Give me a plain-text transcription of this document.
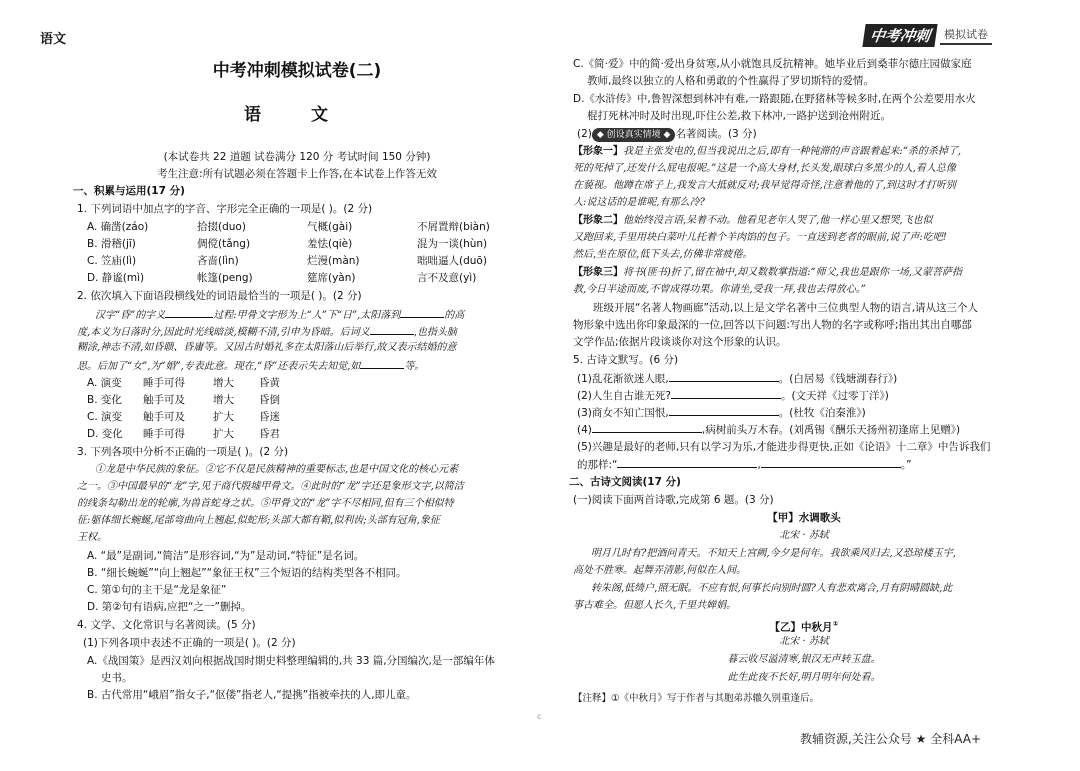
语文	中考冲刺	模拟试卷
中考冲刺模拟试卷(二)
语 文
(本试卷共 22 道题 试卷满分 120 分 考试时间 150 分钟)
考生注意:所有试题必须在答题卡上作答,在本试卷上作答无效
一、积累与运用(17 分)
1. 下列词语中加点字的字音、字形完全正确的一项是( )。(2 分)
A. 确凿(záo)	拾掇(duo)	气概(gài)	不屑置辩(biàn)
B. 滑稽(jī)	倜傥(tǎng)	羞怯(qiè)	混为一谈(hùn)
C. 笠庙(lì)	吝啬(lìn)	烂漫(màn)	咄咄逼人(duō)
D. 静谧(mì)	帐篷(peng)	筵席(yàn)	言不及意(yì)
2. 依次填入下面语段横线处的词语最恰当的一项是( )。(2 分)
汉字“昏”的字义	过程:甲骨文字形为上“人”下“日”,太阳落到	的高
度,本义为日落时分,因此时光线暗淡,模糊不清,引申为昏暗。后词义	,也指头脑
糊涂,神志不清,如昏聩、昏庸等。又因古时婚礼多在太阳落山后举行,故又表示结婚的意
思。后加了“女”,为“婚”,专表此意。现在,“昏”还表示失去知觉,如	等。
A. 演变 睡手可得	增大 昏黄
B. 变化 触手可及	增大 昏倒
C. 演变 触手可及	扩大 昏迷
D. 变化 睡手可得	扩大 昏君
3. 下列各项中分析不正确的一项是( )。(2 分)
①龙是中华民族的象征。②它不仅是民族精神的重要标志,也是中国文化的核心元素
之一。③中国最早的“龙”字,见于商代殷墟甲骨文。④此时的“龙”字还是象形文字,以简洁
的线条勾勒出龙的轮廓,为兽首蛇身之状。⑤甲骨文的“龙”字不尽相同,但有三个相似特
征:躯体细长蜿蜒,尾部弯曲向上翘起,似蛇形;头部大都有鞘,似利齿;头部有冠角,象征
王权。
A. “最”是副词,“简洁”是形容词,“为”是动词,“特征”是名词。
B. “细长蜿蜒”“向上翘起”“象征王权”三个短语的结构类型各不相同。
C. 第①句的主干是“龙是象征”
D. 第②句有语病,应把“之一”删掉。
4. 文学、文化常识与名著阅读。(5 分)
(1)下列各项中表述不正确的一项是( )。(2 分)
A.《战国策》是西汉刘向根据战国时期史料整理编辑的,共 33 篇,分国编次,是一部编年体
史书。
B. 古代常用“峨眉”指女子,“伛偻”指老人,“提携”指被牵扶的人,即儿童。
C.《简·爱》中的简·爱出身贫寒,从小就饱具反抗精神。她毕业后到桑菲尔德庄园做家庭
教师,最终以独立的人格和勇敢的个性赢得了罗切斯特的爱情。
D.《水浒传》中,鲁智深想到林冲有难,一路跟随,在野猪林等候多时,在两个公差要用水火
棍打死林冲时及时出现,吓住公差,救下林冲,一路护送到沧州附近。
(2) ◆ 创设真实情境 ◆ 名著阅读。(3 分)
【形象一】我是主张发电的,但当我说出之后,即有一种钝滞的声音跟着起来:“杀的杀掉了,
死的死掉了,还发什么屁电报呢。”这是一个高大身材,长头发,眼球白多黑少的人,看人总像
在藐视。他蹲在席子上,我发言大抵就反对;我早觉得奇怪,注意着他的了,到这时才打听别
人:说这话的是谁呢,有那么冷?
【形象二】他始终没言语,呆着不动。他看见老年人哭了,他一样心里又想哭,飞也似
又跑回来,手里用块白菜叶儿托着个羊肉馅的包子。一直送到老者的眼前,说了声:吃吧!
然后,坐在原位,低下头去,仿佛非常疲倦。
【形象三】将书(匪书)折了,留在袖中,却又数数掌指道:“师父,我也是跟你一场,又蒙菩萨指
教,今日半途而废,不曾成得功果。你请坐,受我一拜,我也去得放心。”
班级开展“名著人物画廊”活动,以上是文学名著中三位典型人物的语言,请从这三个人
物形象中选出你印象最深的一位,回答以下问题:写出人物的名字或称呼;指出其出自哪部
文学作品;依据片段谈谈你对这个形象的认识。
5. 古诗文默写。(6 分)
(1)乱花渐欲迷人眼,	。(白居易《钱塘湖春行》)
(2)人生自古谁无死?	。(文天祥《过零丁洋》)
(3)商女不知亡国恨,	。(杜牧《泊秦淮》)
(4)	,病树前头万木春。(刘禹锡《酬乐天扬州初逢席上见赠》)
(5)兴趣是最好的老师,只有以学习为乐,才能进步得更快,正如《论语》十二章》中告诉我们
的那样:“	,	。”
二、古诗文阅读(17 分)
(一)阅读下面两首诗歌,完成第 6 题。(3 分)
【甲】水调歌头
北宋 · 苏轼
明月几时有?把酒问青天。不知天上宫阙,今夕是何年。我欲乘风归去,又恐琼楼玉宇,
高处不胜寒。起舞弄清影,何似在人间。
转朱阁,低绮户,照无眠。不应有恨,何事长向别时圆?人有悲欢离合,月有阴晴圆缺,此
事古难全。但愿人长久,千里共婵娟。
【乙】中秋月①
北宋 · 苏轼
暮云收尽溢清寒,银汉无声转玉盘。
此生此夜不长好,明月明年何处看。
【注释】①《中秋月》写于作者与其胞弟苏辙久别重逢后。
c
教辅资源,关注公众号 ★ 全科AA+
